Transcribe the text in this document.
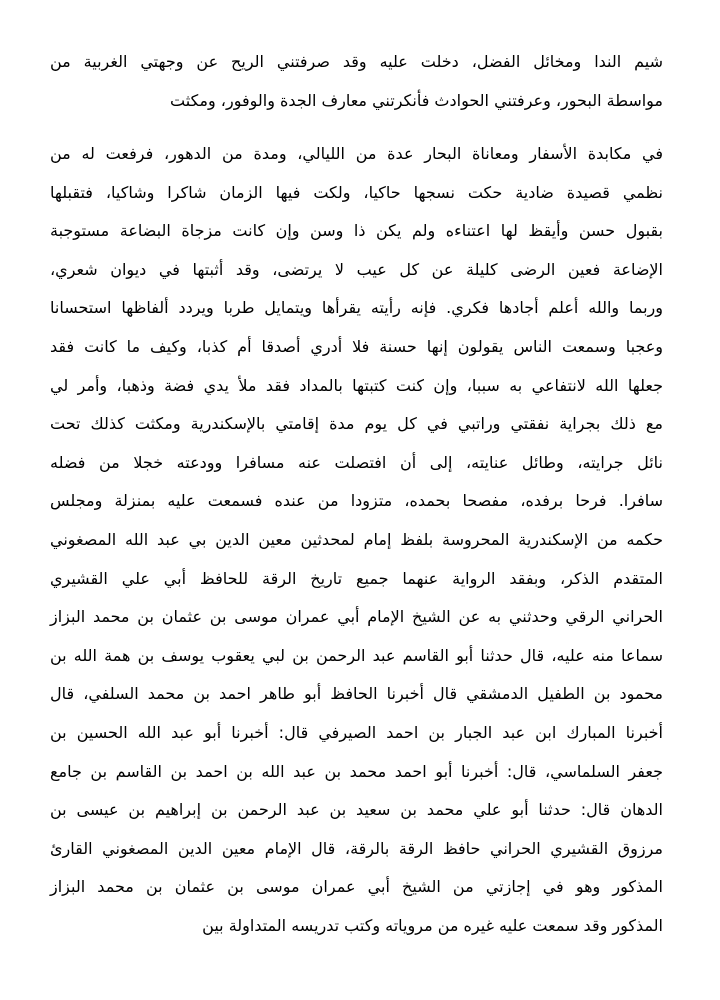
شيم الندا ومخائل الفضل، دخلت عليه وقد صرفتني الريح عن وجهتي الغربية من
مواسطة البحور، وعرفتني الحوادث فأنكرتني معارف الجدة والوفور، ومكثت
في مكابدة الأسفار ومعاناة البحار عدة من الليالي، ومدة من الدهور، فرفعت له من
نظمي قصيدة ضادية حكت نسجها حاكيا، ولكت فيها الزمان شاكرا وشاكيا، فتقبلها
بقبول حسن وأيقظ لها اعتناءه ولم يكن ذا وسن وإن كانت مزجاة البضاعة مستوجبة
الإضاعة فعين الرضى كليلة عن كل عيب لا يرتضى، وقد أثبتها في ديوان شعري،
وربما والله أعلم أجادها فكري. فإنه رأيته يقرأها ويتمايل طربا ويردد ألفاظها استحسانا
وعجبا وسمعت الناس يقولون إنها حسنة فلا أدري أصدقا أم كذبا، وكيف ما كانت فقد
جعلها الله لانتفاعي به سببا، وإن كنت كتبتها بالمداد فقد ملأ يدي فضة وذهبا، وأمر لي
مع ذلك بجراية نفقتي وراتبي في كل يوم مدة إقامتي بالإسكندرية ومكثت كذلك تحت
نائل جرايته، وطائل عنايته، إلى أن افتصلت عنه مسافرا وودعته خجلا من فضله
سافرا. فرحا برفده، مفصحا بحمده، متزودا من عنده فسمعت عليه بمنزلة ومجلس
حكمه من الإسكندرية المحروسة بلفظ إمام لمحدثين معين الدين بي عبد الله المصغوني
المتقدم الذكر، وبفقد الرواية عنهما جميع تاريخ الرقة للحافظ أبي علي القشيري
الحراني الرقي وحدثني به عن الشيخ الإمام أبي عمران موسى بن عثمان بن محمد البزاز
سماعا منه عليه، قال حدثنا أبو القاسم عبد الرحمن بن لبي يعقوب يوسف بن همة الله بن
محمود بن الطفيل الدمشقي قال أخبرنا الحافظ أبو طاهر احمد بن محمد السلفي، قال
أخبرنا المبارك ابن عبد الجبار بن احمد الصيرفي قال: أخبرنا أبو عبد الله الحسين بن
جعفر السلماسي، قال: أخبرنا أبو احمد محمد بن عبد الله بن احمد بن القاسم بن جامع
الدهان قال: حدثنا أبو علي محمد بن سعيد بن عبد الرحمن بن إبراهيم بن عيسى بن
مرزوق القشيري الحراني حافظ الرقة بالرقة، قال الإمام معين الدين المصغوني القارئ
المذكور وهو في إجازتي من الشيخ أبي عمران موسى بن عثمان بن محمد البزاز
المذكور وقد سمعت عليه غيره من مروياته وكتب تدريسه المتداولة بين
